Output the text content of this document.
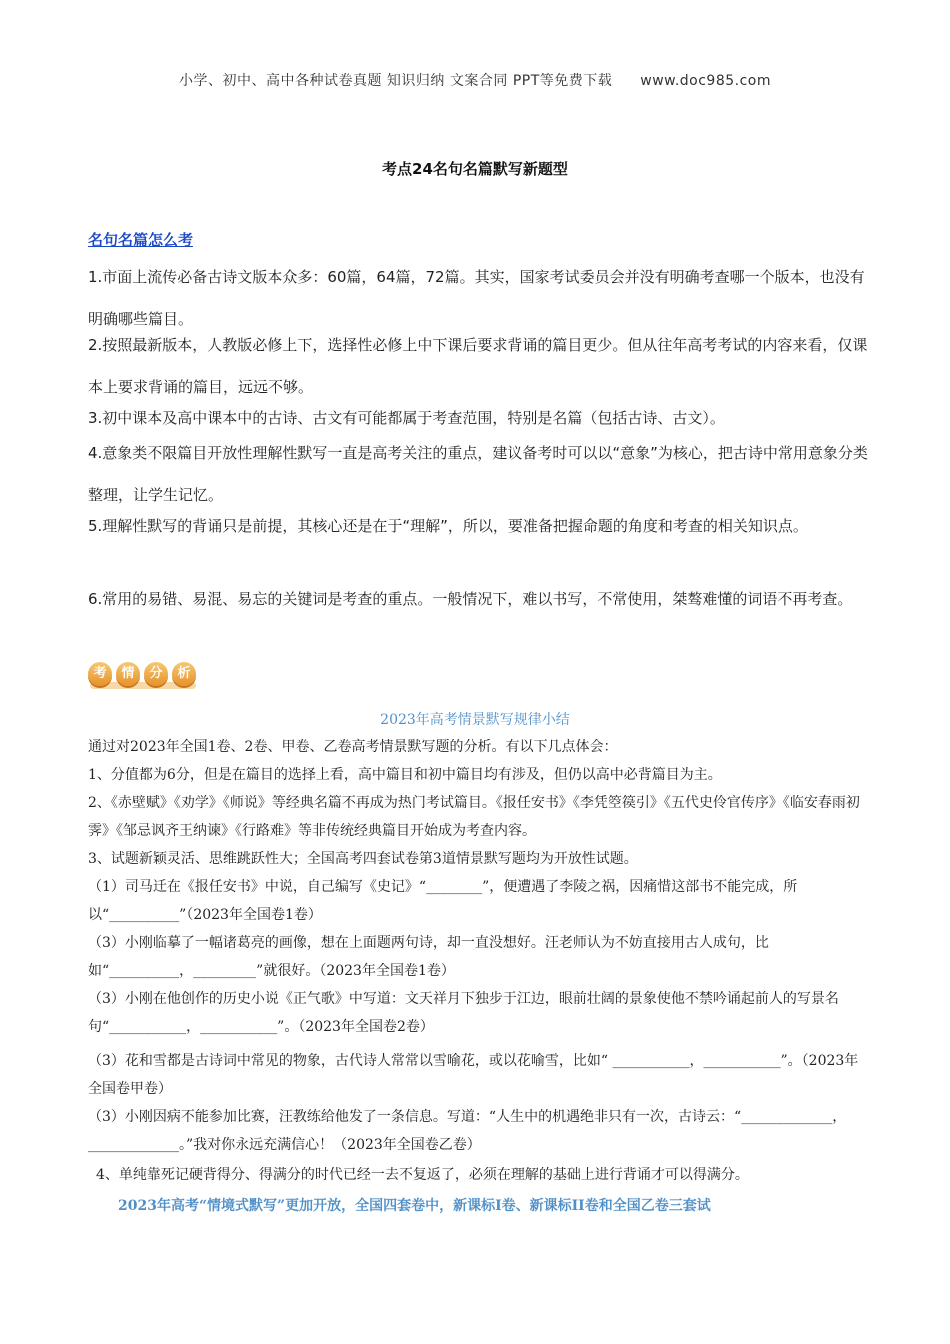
小学、初中、高中各种试卷真题 知识归纳 文案合同 PPT等免费下载 www.doc985.com
考点24名句名篇默写新题型
名句名篇怎么考
1.市面上流传必备古诗文版本众多：60篇，64篇，72篇。其实，国家考试委员会并没有明确考查哪一个版本，也没有明确哪些篇目。
2.按照最新版本，人教版必修上下，选择性必修上中下课后要求背诵的篇目更少。但从往年高考考试的内容来看，仅课本上要求背诵的篇目，远远不够。
3.初中课本及高中课本中的古诗、古文有可能都属于考查范围，特别是名篇（包括古诗、古文）。
4.意象类不限篇目开放性理解性默写一直是高考关注的重点，建议备考时可以以“意象”为核心，把古诗中常用意象分类整理，让学生记忆。
5.理解性默写的背诵只是前提，其核心还是在于“理解”，所以，要准备把握命题的角度和考查的相关知识点。
6.常用的易错、易混、易忘的关键词是考查的重点。一般情况下，难以书写，不常使用，桀骜难懂的词语不再考查。
考	情	分	析
2023年高考情景默写规律小结
通过对2023年全国1卷、2卷、甲卷、乙卷高考情景默写题的分析。有以下几点体会：
1、分值都为6分，但是在篇目的选择上看，高中篇目和初中篇目均有涉及，但仍以高中必背篇目为主。
2、《赤壁赋》《劝学》《师说》等经典名篇不再成为热门考试篇目。《报任安书》《李凭箜篌引》《五代史伶官传序》《临安春雨初霁》《邹忌讽齐王纳谏》《行路难》等非传统经典篇目开始成为考查内容。
3、试题新颖灵活、思维跳跃性大；全国高考四套试卷第3道情景默写题均为开放性试题。
（1）司马迁在《报任安书》中说，自己编写《史记》“________”，便遭遇了李陵之祸，因痛惜这部书不能完成，所以“__________”（2023年全国卷1卷）
（3）小刚临摹了一幅诸葛亮的画像，想在上面题两句诗，却一直没想好。汪老师认为不妨直接用古人成句，比如“__________，_________”就很好。（2023年全国卷1卷）
（3）小刚在他创作的历史小说《正气歌》中写道：文天祥月下独步于江边，眼前壮阔的景象使他不禁吟诵起前人的写景名句“___________，___________”。（2023年全国卷2卷）
（3）花和雪都是古诗词中常见的物象，古代诗人常常以雪喻花，或以花喻雪，比如“ ___________，___________”。（2023年全国卷甲卷）
（3）小刚因病不能参加比赛，汪教练给他发了一条信息。写道：“人生中的机遇绝非只有一次，古诗云：“_____________，_____________。”我对你永远充满信心！（2023年全国卷乙卷）
4、单纯靠死记硬背得分、得满分的时代已经一去不复返了，必须在理解的基础上进行背诵才可以得满分。
2023年高考“情境式默写”更加开放，全国四套卷中，新课标Ⅰ卷、新课标II卷和全国乙卷三套试
